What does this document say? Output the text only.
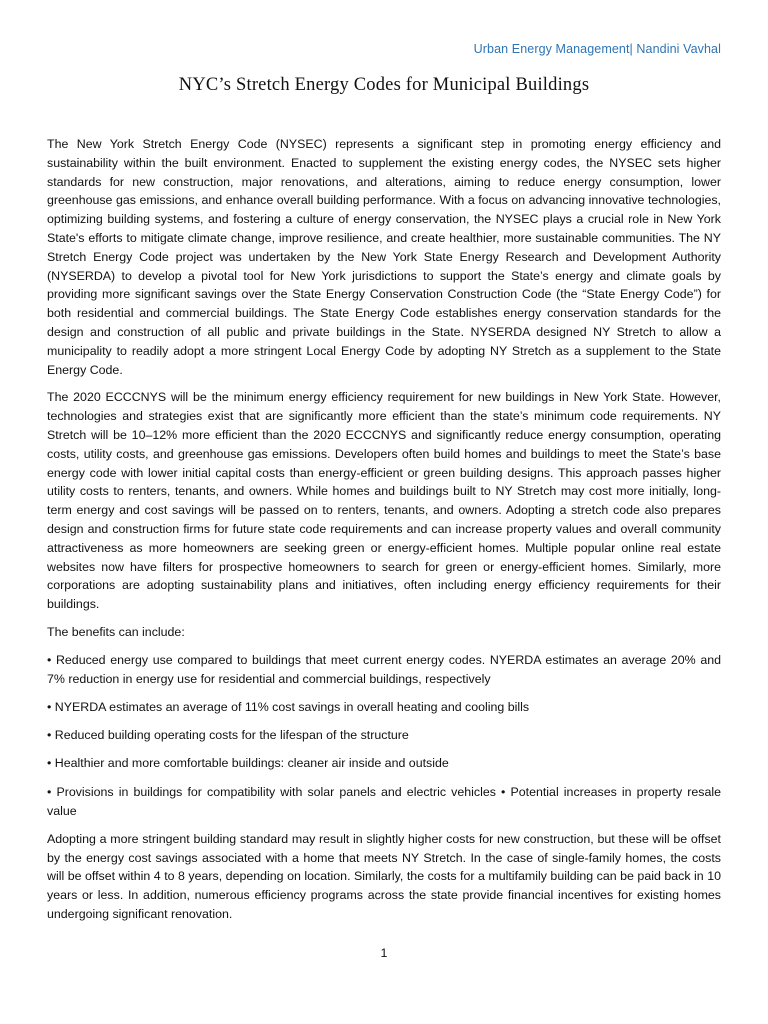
Urban Energy Management| Nandini Vavhal
NYC’s Stretch Energy Codes for Municipal Buildings

The New York Stretch Energy Code (NYSEC) represents a significant step in promoting energy efficiency and sustainability within the built environment. Enacted to supplement the existing energy codes, the NYSEC sets higher standards for new construction, major renovations, and alterations, aiming to reduce energy consumption, lower greenhouse gas emissions, and enhance overall building performance. With a focus on advancing innovative technologies, optimizing building systems, and fostering a culture of energy conservation, the NYSEC plays a crucial role in New York State's efforts to mitigate climate change, improve resilience, and create healthier, more sustainable communities. The NY Stretch Energy Code project was undertaken by the New York State Energy Research and Development Authority (NYSERDA) to develop a pivotal tool for New York jurisdictions to support the State’s energy and climate goals by providing more significant savings over the State Energy Conservation Construction Code (the “State Energy Code”) for both residential and commercial buildings. The State Energy Code establishes energy conservation standards for the design and construction of all public and private buildings in the State. NYSERDA designed NY Stretch to allow a municipality to readily adopt a more stringent Local Energy Code by adopting NY Stretch as a supplement to the State Energy Code.

The 2020 ECCCNYS will be the minimum energy efficiency requirement for new buildings in New York State. However, technologies and strategies exist that are significantly more efficient than the state’s minimum code requirements. NY Stretch will be 10–12% more efficient than the 2020 ECCCNYS and significantly reduce energy consumption, operating costs, utility costs, and greenhouse gas emissions. Developers often build homes and buildings to meet the State’s base energy code with lower initial capital costs than energy-efficient or green building designs. This approach passes higher utility costs to renters, tenants, and owners. While homes and buildings built to NY Stretch may cost more initially, long-term energy and cost savings will be passed on to renters, tenants, and owners. Adopting a stretch code also prepares design and construction firms for future state code requirements and can increase property values and overall community attractiveness as more homeowners are seeking green or energy-efficient homes. Multiple popular online real estate websites now have filters for prospective homeowners to search for green or energy-efficient homes. Similarly, more corporations are adopting sustainability plans and initiatives, often including energy efficiency requirements for their buildings.

The benefits can include:

• Reduced energy use compared to buildings that meet current energy codes. NYERDA estimates an average 20% and 7% reduction in energy use for residential and commercial buildings, respectively

• NYERDA estimates an average of 11% cost savings in overall heating and cooling bills

• Reduced building operating costs for the lifespan of the structure

• Healthier and more comfortable buildings: cleaner air inside and outside

• Provisions in buildings for compatibility with solar panels and electric vehicles • Potential increases in property resale value

Adopting a more stringent building standard may result in slightly higher costs for new construction, but these will be offset by the energy cost savings associated with a home that meets NY Stretch. In the case of single-family homes, the costs will be offset within 4 to 8 years, depending on location. Similarly, the costs for a multifamily building can be paid back in 10 years or less. In addition, numerous efficiency programs across the state provide financial incentives for existing homes undergoing significant renovation.

1
